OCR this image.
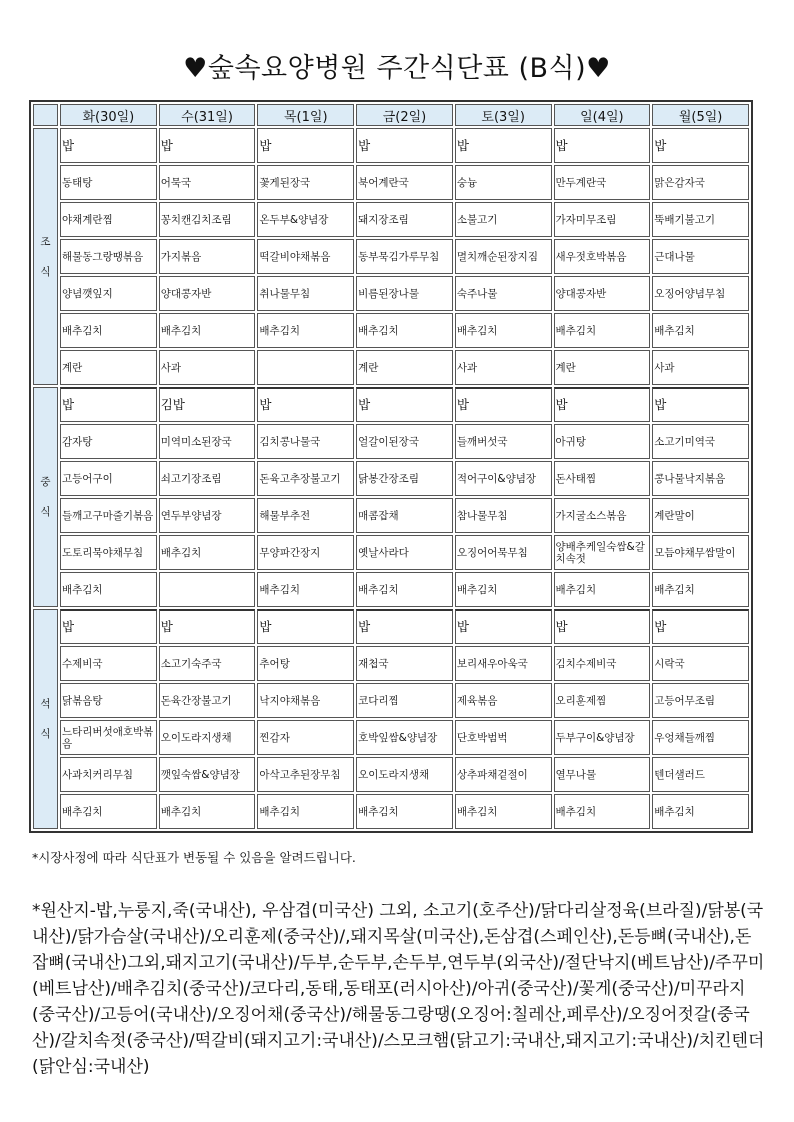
♥숲속요양병원 주간식단표 (B식)♥
	화(30일)	수(31일)	목(1일)	금(2일)	토(3일)	일(4일)	월(5일)

조
식	밥	밥	밥	밥	밥	밥	밥
	동태탕	어묵국	꽃게된장국	북어계란국	숭늉	만두계란국	맑은감자국
	야채계란찜	꽁치캔김치조림	온두부&양념장	돼지장조림	소불고기	가자미무조림	뚝배기불고기
	해물동그랑땡볶음	가지볶음	떡갈비야채볶음	동부묵김가루무침	멸치깨순된장지짐	새우젓호박볶음	근대나물
	양념깻잎지	양대콩자반	취나물무침	비름된장나물	숙주나물	양대콩자반	오징어양념무침
	배추김치	배추김치	배추김치	배추김치	배추김치	배추김치	배추김치
	계란	사과		계란	사과	계란	사과

중
식	밥	김밥	밥	밥	밥	밥	밥
	감자탕	미역미소된장국	김치콩나물국	얼갈이된장국	들깨버섯국	아귀탕	소고기미역국
	고등어구이	쇠고기장조림	돈육고추장불고기	닭봉간장조림	적어구이&양념장	돈사태찜	콩나물낙지볶음
	들깨고구마줄기볶음	연두부양념장	해물부추전	매콤잡채	참나물무침	가지굴소스볶음	계란말이
	도토리묵야채무침	배추김치	무양파간장지	옛날사라다	오징어어묵무침	양배추케일숙쌈&갈치속젓	모듬야채무쌈말이
	배추김치		배추김치	배추김치	배추김치	배추김치	배추김치

석
식	밥	밥	밥	밥	밥	밥	밥
	수제비국	소고기숙주국	추어탕	재첩국	보리새우아욱국	김치수제비국	시락국
	닭볶음탕	돈육간장불고기	낙지야채볶음	코다리찜	제육볶음	오리훈제찜	고등어무조림
	느타리버섯애호박볶음	오이도라지생채	찐감자	호박잎쌈&양념장	단호박범벅	두부구이&양념장	우엉채들깨찜
	사과치커리무침	깻잎숙쌈&양념장	아삭고추된장무침	오이도라지생채	상추파채겉절이	열무나물	텐더샐러드
	배추김치	배추김치	배추김치	배추김치	배추김치	배추김치	배추김치
*시장사정에 따라 식단표가 변동될 수 있음을 알려드립니다.
*원산지-밥,누룽지,죽(국내산), 우삼겹(미국산) 그외, 소고기(호주산)/닭다리살정육(브라질)/닭봉(국내산)/닭가슴살(국내산)/오리훈제(중국산)/,돼지목살(미국산),돈삼겹(스페인산),돈등뼈(국내산),돈잡뼈(국내산)그외,돼지고기(국내산)/두부,순두부,손두부,연두부(외국산)/절단낙지(베트남산)/주꾸미(베트남산)/배추김치(중국산)/코다리,동태,동태포(러시아산)/아귀(중국산)/꽃게(중국산)/미꾸라지(중국산)/고등어(국내산)/오징어채(중국산)/해물동그랑땡(오징어:칠레산,페루산)/오징어젓갈(중국산)/갈치속젓(중국산)/떡갈비(돼지고기:국내산)/스모크햄(닭고기:국내산,돼지고기:국내산)/치킨텐더(닭안심:국내산)
